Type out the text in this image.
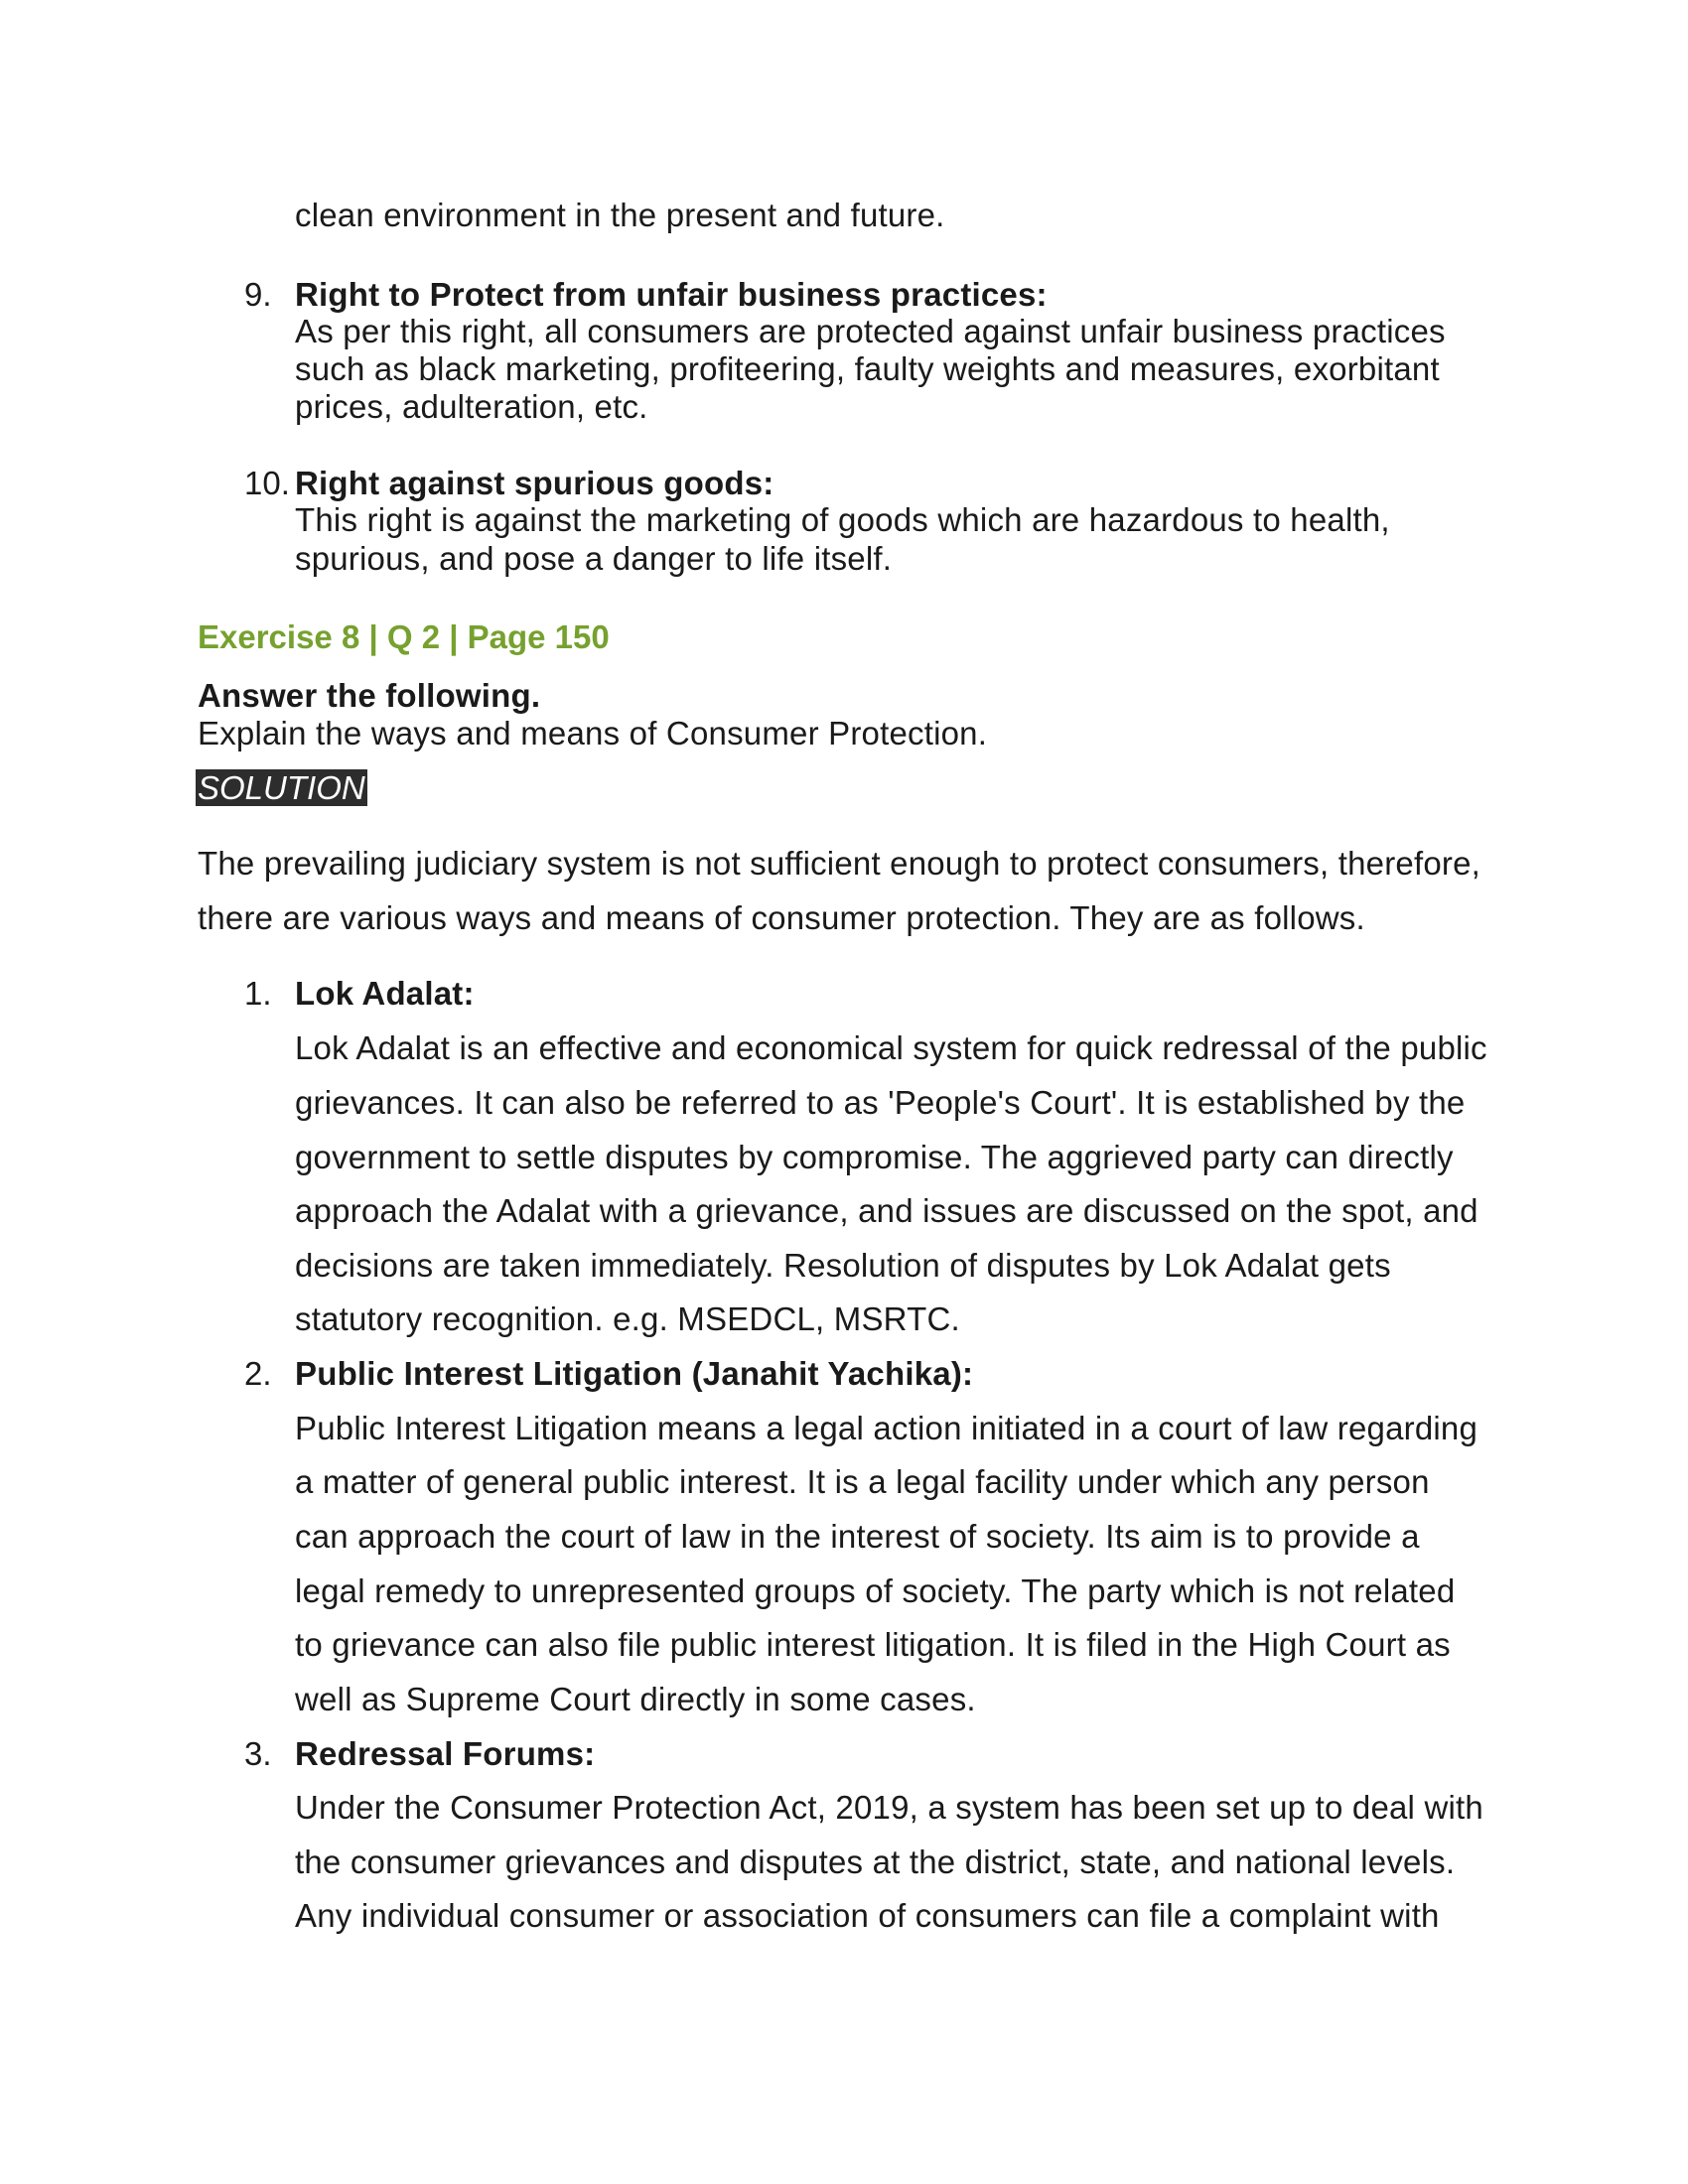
clean environment in the present and future.
9. Right to Protect from unfair business practices:
As per this right, all consumers are protected against unfair business practices
such as black marketing, profiteering, faulty weights and measures, exorbitant
prices, adulteration, etc.
10. Right against spurious goods:
This right is against the marketing of goods which are hazardous to health,
spurious, and pose a danger to life itself.
Exercise 8 | Q 2 | Page 150
Answer the following.
Explain the ways and means of Consumer Protection.
SOLUTION
The prevailing judiciary system is not sufficient enough to protect consumers, therefore,
there are various ways and means of consumer protection. They are as follows.
1. Lok Adalat:
Lok Adalat is an effective and economical system for quick redressal of the public
grievances. It can also be referred to as 'People's Court'. It is established by the
government to settle disputes by compromise. The aggrieved party can directly
approach the Adalat with a grievance, and issues are discussed on the spot, and
decisions are taken immediately. Resolution of disputes by Lok Adalat gets
statutory recognition. e.g. MSEDCL, MSRTC.
2. Public Interest Litigation (Janahit Yachika):
Public Interest Litigation means a legal action initiated in a court of law regarding
a matter of general public interest. It is a legal facility under which any person
can approach the court of law in the interest of society. Its aim is to provide a
legal remedy to unrepresented groups of society. The party which is not related
to grievance can also file public interest litigation. It is filed in the High Court as
well as Supreme Court directly in some cases.
3. Redressal Forums:
Under the Consumer Protection Act, 2019, a system has been set up to deal with
the consumer grievances and disputes at the district, state, and national levels.
Any individual consumer or association of consumers can file a complaint with
